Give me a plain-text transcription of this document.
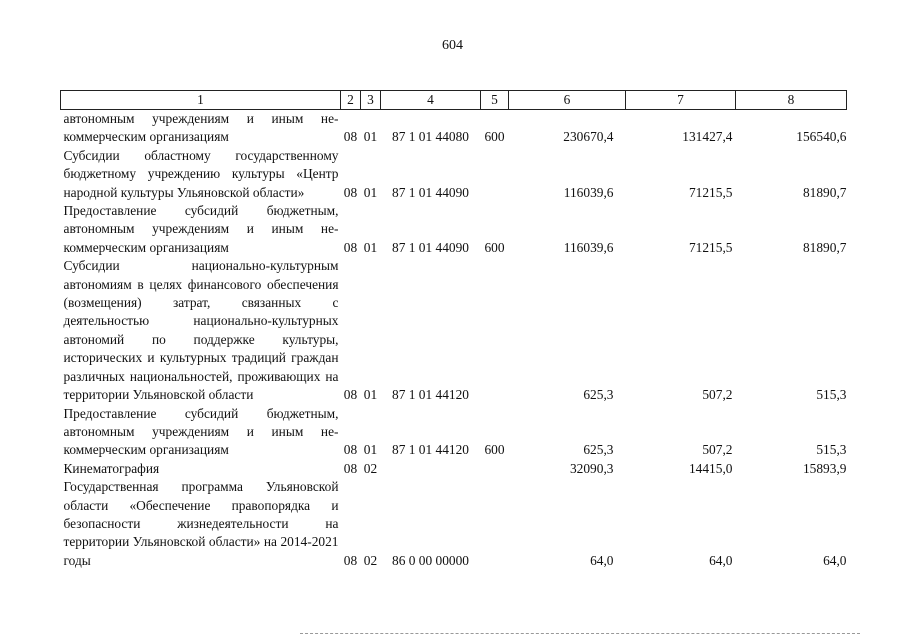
604
1	2	3	4	5	6	7	8
автономным учреждениям и иным не-коммерческим организациям	08	01	87 1 01 44080	600	230670,4	131427,4	156540,6
Субсидии областному государственному бюджетному учреждению культуры «Центр народной культуры Ульяновской области»	08	01	87 1 01 44090		116039,6	71215,5	81890,7
Предоставление субсидий бюджетным, автономным учреждениям и иным не-коммерческим организациям	08	01	87 1 01 44090	600	116039,6	71215,5	81890,7
Субсидии национально-культурным автономиям в целях финансового обеспечения (возмещения) затрат, связанных с деятельностью национально-культурных автономий по поддержке культуры, исторических и культурных традиций граждан различных национальностей, проживающих на территории Ульяновской области	08	01	87 1 01 44120		625,3	507,2	515,3
Предоставление субсидий бюджетным, автономным учреждениям и иным не-коммерческим организациям	08	01	87 1 01 44120	600	625,3	507,2	515,3
Кинематография	08	02			32090,3	14415,0	15893,9
Государственная программа Ульяновской области «Обеспечение правопорядка и безопасности жизнедеятельности на территории Ульяновской области» на 2014-2021 годы	08	02	86 0 00 00000		64,0	64,0	64,0
